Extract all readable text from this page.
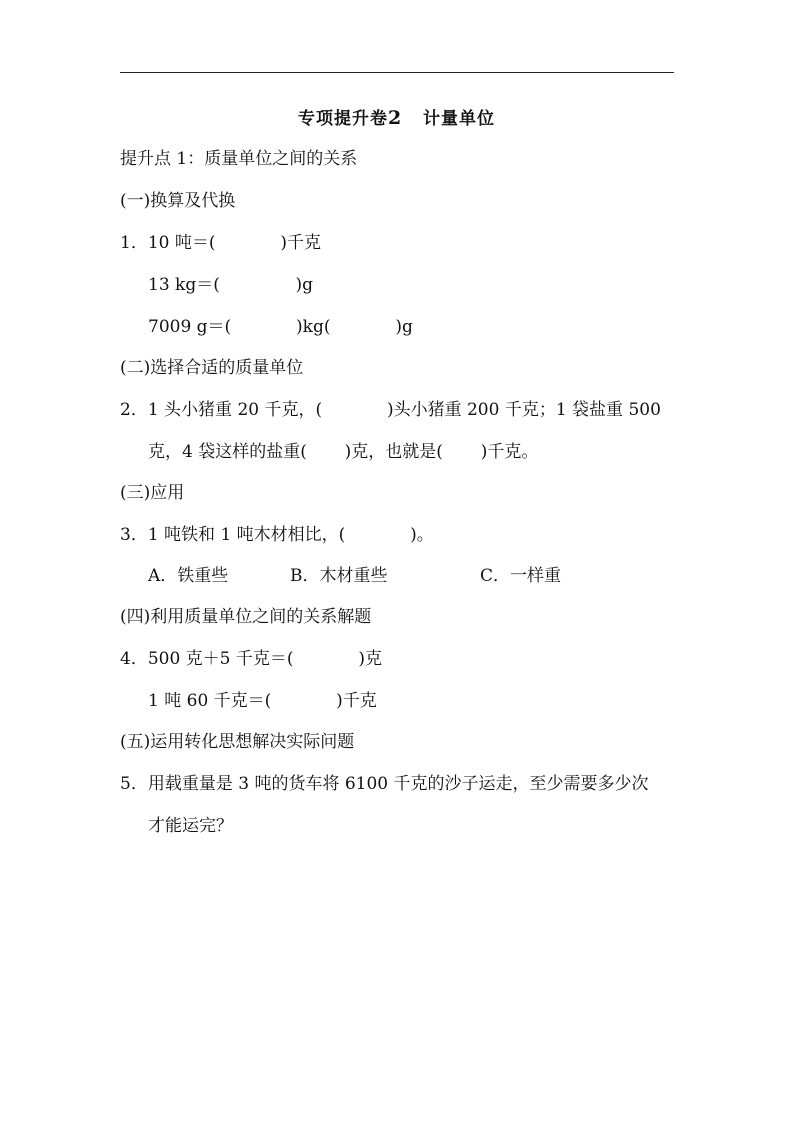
专项提升卷2 计量单位
提升点 1：质量单位之间的关系
(一)换算及代换
1．10 吨＝(            )千克
13 kg＝(              )g
7009 g＝(            )kg(            )g
(二)选择合适的质量单位
2．1 头小猪重 20 千克，(            )头小猪重 200 千克；1 袋盐重 500
克，4 袋这样的盐重(       )克，也就是(       )千克。
(三)应用
3．1 吨铁和 1 吨木材相比，(            )。
A．铁重些	B．木材重些	C．一样重
(四)利用质量单位之间的关系解题
4．500 克＋5 千克＝(            )克
1 吨 60 千克＝(            )千克
(五)运用转化思想解决实际问题
5．用载重量是 3 吨的货车将 6100 千克的沙子运走，至少需要多少次
才能运完？
